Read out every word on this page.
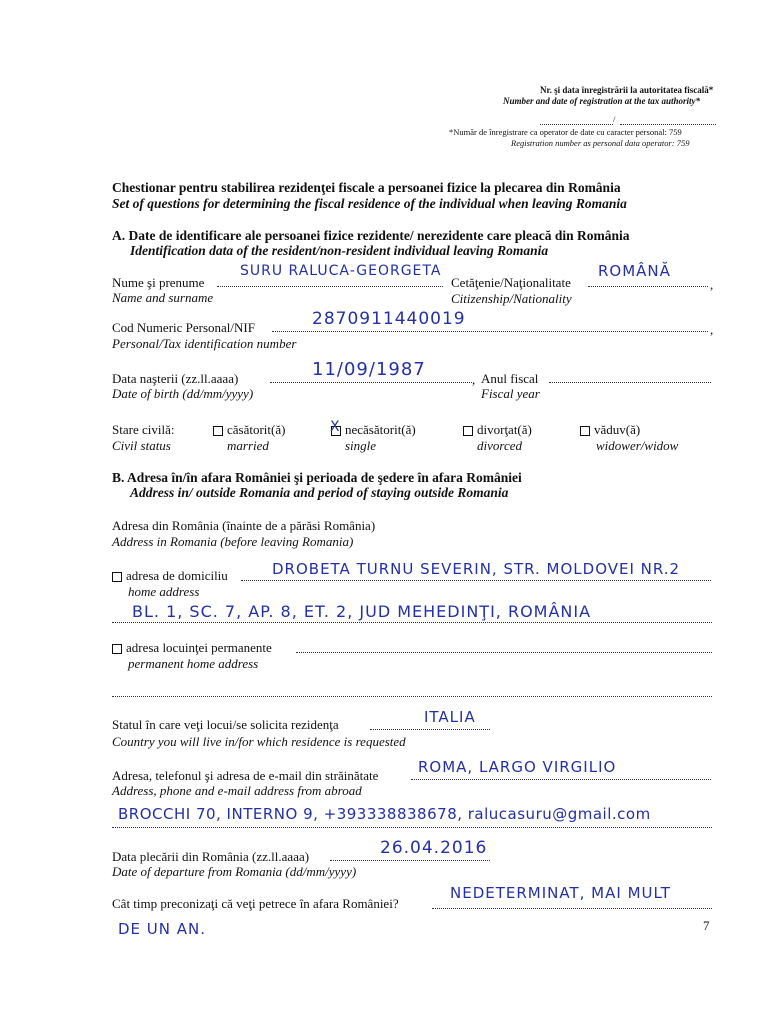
Nr. şi data înregistrării la autoritatea fiscală*
Number and date of registration at the tax authority*
/
*Număr de înregistrare ca operator de date cu caracter personal: 759
Registration number as personal data operator: 759
Chestionar pentru stabilirea rezidenţei fiscale a persoanei fizice la plecarea din România
Set of questions for determining the fiscal residence of the individual when leaving Romania
A. Date de identificare ale persoanei fizice rezidente/ nerezidente care pleacă din România
Identification data of the resident/non-resident individual leaving Romania
Nume şi prenume
Name and surname
SURU RALUCA-GEORGETA
Cetăţenie/Naţionalitate
Citizenship/Nationality
,
ROMÂNĂ
Cod Numeric Personal/NIF
Personal/Tax identification number
,
2870911440019
Data naşterii (zz.ll.aaaa)
Date of birth (dd/mm/yyyy)
,
11/09/1987	Anul fiscal
Fiscal year
Stare civilă:
Civil status
căsătorit(ă)
married
X necăsătorit(ă)
single
divorţat(ă)
divorced
văduv(ă)
widower/widow
B. Adresa în/în afara României şi perioada de şedere în afara României
Address in/ outside Romania and period of staying outside Romania
Adresa din România (înainte de a părăsi România)
Address in Romania (before leaving Romania)
adresa de domiciliu
home address
DROBETA TURNU SEVERIN, STR. MOLDOVEI NR.2
BL. 1, SC. 7, AP. 8, ET. 2, JUD MEHEDINŢI, ROMÂNIA
adresa locuinţei permanente
permanent home address
Statul în care veţi locui/se solicita rezidenţa
Country you will live in/for which residence is requested
ITALIA
Adresa, telefonul şi adresa de e-mail din străinătate
Address, phone and e-mail address from abroad
ROMA, LARGO VIRGILIO
BROCCHI 70, INTERNO 9, +393338838678, ralucasuru@gmail.com
Data plecării din România (zz.ll.aaaa)
Date of departure from Romania (dd/mm/yyyy)
26.04.2016
Cât timp preconizaţi că veţi petrece în afara României?
NEDETERMINAT, MAI MULT
DE UN AN.	7
